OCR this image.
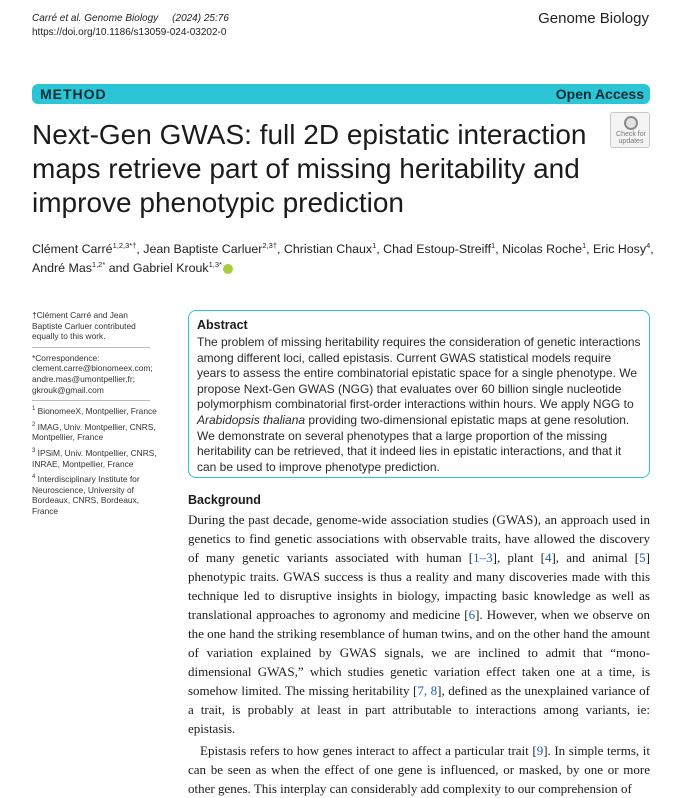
Carré et al. Genome Biology (2024) 25:76
https://doi.org/10.1186/s13059-024-03202-0
Genome Biology
METHOD	Open Access
Next-Gen GWAS: full 2D epistatic interaction maps retrieve part of missing heritability and improve phenotypic prediction
Check for
updates
Clément Carré$^{1,2,3*\dagger}$, Jean Baptiste Carluer$^{2,3\dagger}$, Christian Chaux$^1$, Chad Estoup-Streiff$^1$, Nicolas Roche$^1$, Eric Hosy$^4$, André Mas$^{1,2*}$ and Gabriel Krouk$^{1,3*}$
†Clément Carré and Jean Baptiste Carluer contributed equally to this work.
*Correspondence:
clement.carre@bionomeex.com; andre.mas@umontpellier.fr; gkrouk@gmail.com
$^1$ BionomeeX, Montpellier, France
$^2$ IMAG, Univ. Montpellier, CNRS, Montpellier, France
$^3$ IPSiM, Univ. Montpellier, CNRS, INRAE, Montpellier, France
$^4$ Interdisciplinary Institute for Neuroscience, University of Bordeaux, CNRS, Bordeaux, France
Abstract
The problem of missing heritability requires the consideration of genetic interactions among different loci, called epistasis. Current GWAS statistical models require years to assess the entire combinatorial epistatic space for a single phenotype. We propose Next-Gen GWAS (NGG) that evaluates over 60 billion single nucleotide polymorphism combinatorial first-order interactions within hours. We apply NGG to Arabidopsis thaliana providing two-dimensional epistatic maps at gene resolution. We demonstrate on several phenotypes that a large proportion of the missing heritability can be retrieved, that it indeed lies in epistatic interactions, and that it can be used to improve phenotype prediction.
Background

During the past decade, genome-wide association studies (GWAS), an approach used in genetics to find genetic associations with observable traits, have allowed the discovery of many genetic variants associated with human [1–3], plant [4], and animal [5] phenotypic traits. GWAS success is thus a reality and many discoveries made with this technique led to disruptive insights in biology, impacting basic knowledge as well as translational approaches to agronomy and medicine [6]. However, when we observe on the one hand the striking resemblance of human twins, and on the other hand the amount of variation explained by GWAS signals, we are inclined to admit that “mono-dimensional GWAS,” which studies genetic variation effect taken one at a time, is somehow limited. The missing heritability [7, 8], defined as the unexplained variance of a trait, is probably at least in part attributable to interactions among variants, ie: epistasis.

Epistasis refers to how genes interact to affect a particular trait [9]. In simple terms, it can be seen as when the effect of one gene is influenced, or masked, by one or more other genes. This interplay can considerably add complexity to our comprehension of
